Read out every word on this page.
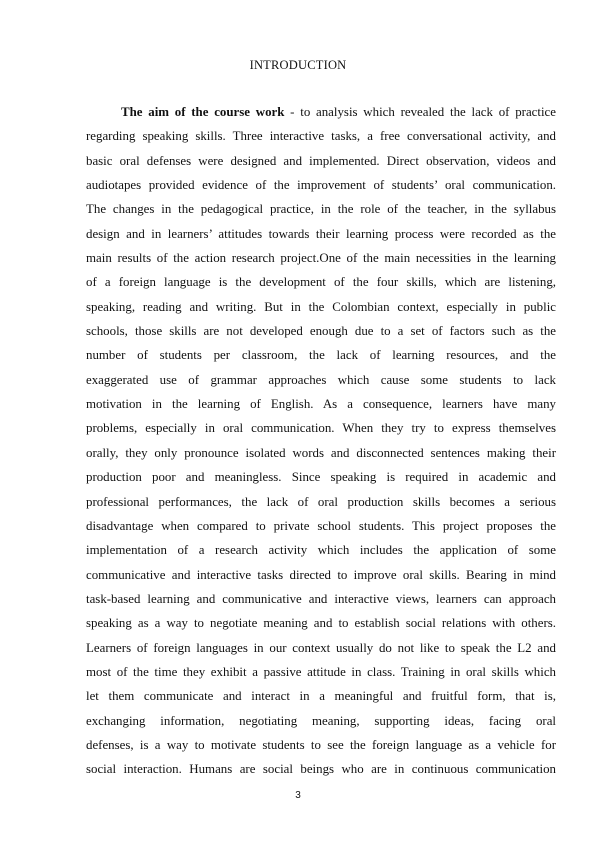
INTRODUCTION
The aim of the course work - to analysis which revealed the lack of practice
regarding speaking skills. Three interactive tasks, a free conversational activity, and
basic oral defenses were designed and implemented. Direct observation, videos and
audiotapes provided evidence of the improvement of students’ oral communication.
The changes in the pedagogical practice, in the role of the teacher, in the syllabus
design and in learners’ attitudes towards their learning process were recorded as the
main results of the action research project.One of the main necessities in the learning
of a foreign language is the development of the four skills, which are listening,
speaking, reading and writing. But in the Colombian context, especially in public
schools, those skills are not developed enough due to a set of factors such as the
number of students per classroom, the lack of learning resources, and the
exaggerated use of grammar approaches which cause some students to lack
motivation in the learning of English. As a consequence, learners have many
problems, especially in oral communication. When they try to express themselves
orally, they only pronounce isolated words and disconnected sentences making their
production poor and meaningless. Since speaking is required in academic and
professional performances, the lack of oral production skills becomes a serious
disadvantage when compared to private school students. This project proposes the
implementation of a research activity which includes the application of some
communicative and interactive tasks directed to improve oral skills. Bearing in mind
task-based learning and communicative and interactive views, learners can approach
speaking as a way to negotiate meaning and to establish social relations with others.
Learners of foreign languages in our context usually do not like to speak the L2 and
most of the time they exhibit a passive attitude in class. Training in oral skills which
let them communicate and interact in a meaningful and fruitful form, that is,
exchanging information, negotiating meaning, supporting ideas, facing oral
defenses, is a way to motivate students to see the foreign language as a vehicle for
social interaction. Humans are social beings who are in continuous communication
3
